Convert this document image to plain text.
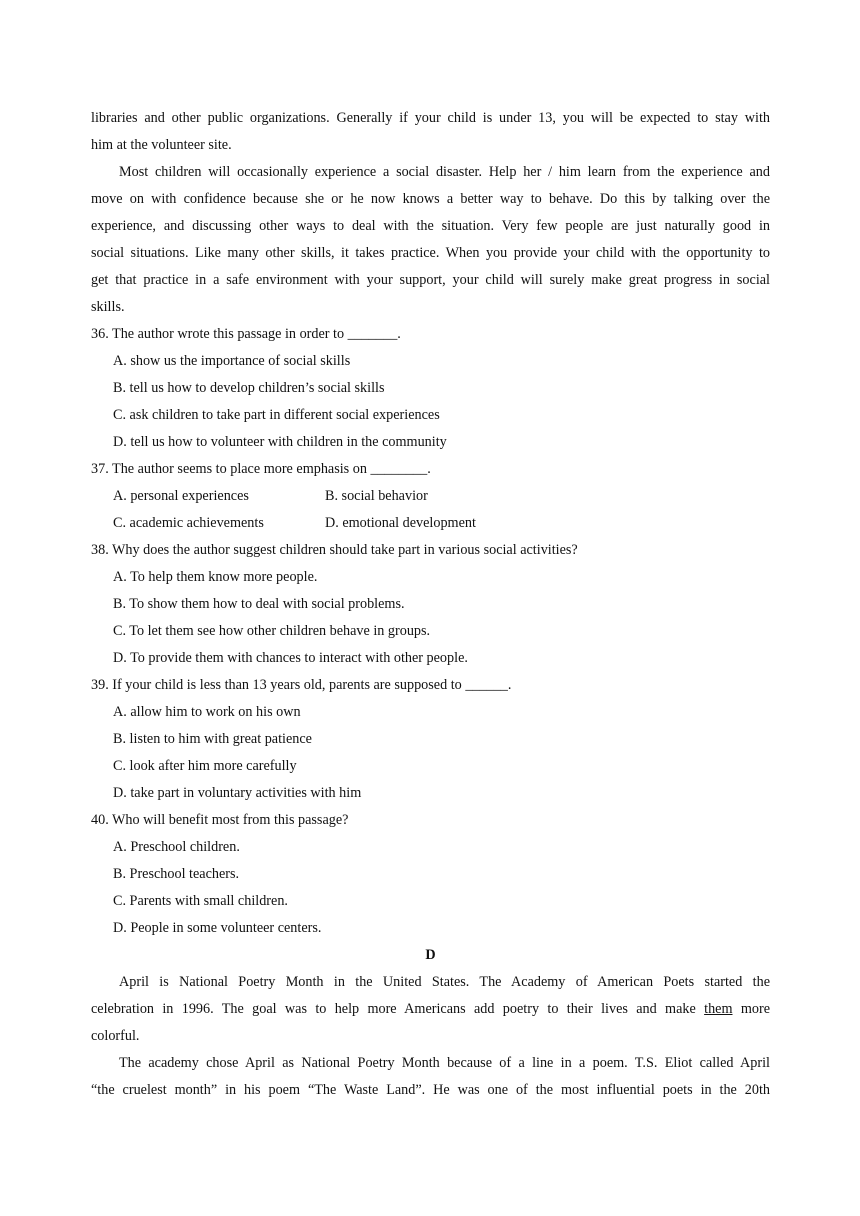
libraries and other public organizations. Generally if your child is under 13, you will be expected to stay with
him at the volunteer site.
Most children will occasionally experience a social disaster. Help her / him learn from the experience and
move on with confidence because she or he now knows a better way to behave. Do this by talking over the
experience, and discussing other ways to deal with the situation. Very few people are just naturally good in
social situations. Like many other skills, it takes practice. When you provide your child with the opportunity to
get that practice in a safe environment with your support, your child will surely make great progress in social
skills.
36. The author wrote this passage in order to _______.
A. show us the importance of social skills
B. tell us how to develop children’s social skills
C. ask children to take part in different social experiences
D. tell us how to volunteer with children in the community
37. The author seems to place more emphasis on ________.
A. personal experiences	B. social behavior
C. academic achievements	D. emotional development
38. Why does the author suggest children should take part in various social activities?
A. To help them know more people.
B. To show them how to deal with social problems.
C. To let them see how other children behave in groups.
D. To provide them with chances to interact with other people.
39. If your child is less than 13 years old, parents are supposed to ______.
A. allow him to work on his own
B. listen to him with great patience
C. look after him more carefully
D. take part in voluntary activities with him
40. Who will benefit most from this passage?
A. Preschool children.
B. Preschool teachers.
C. Parents with small children.
D. People in some volunteer centers.
D
April is National Poetry Month in the United States. The Academy of American Poets started the
celebration in 1996. The goal was to help more Americans add poetry to their lives and make them more
colorful.
The academy chose April as National Poetry Month because of a line in a poem. T.S. Eliot called April
“the cruelest month” in his poem “The Waste Land”. He was one of the most influential poets in the 20th
